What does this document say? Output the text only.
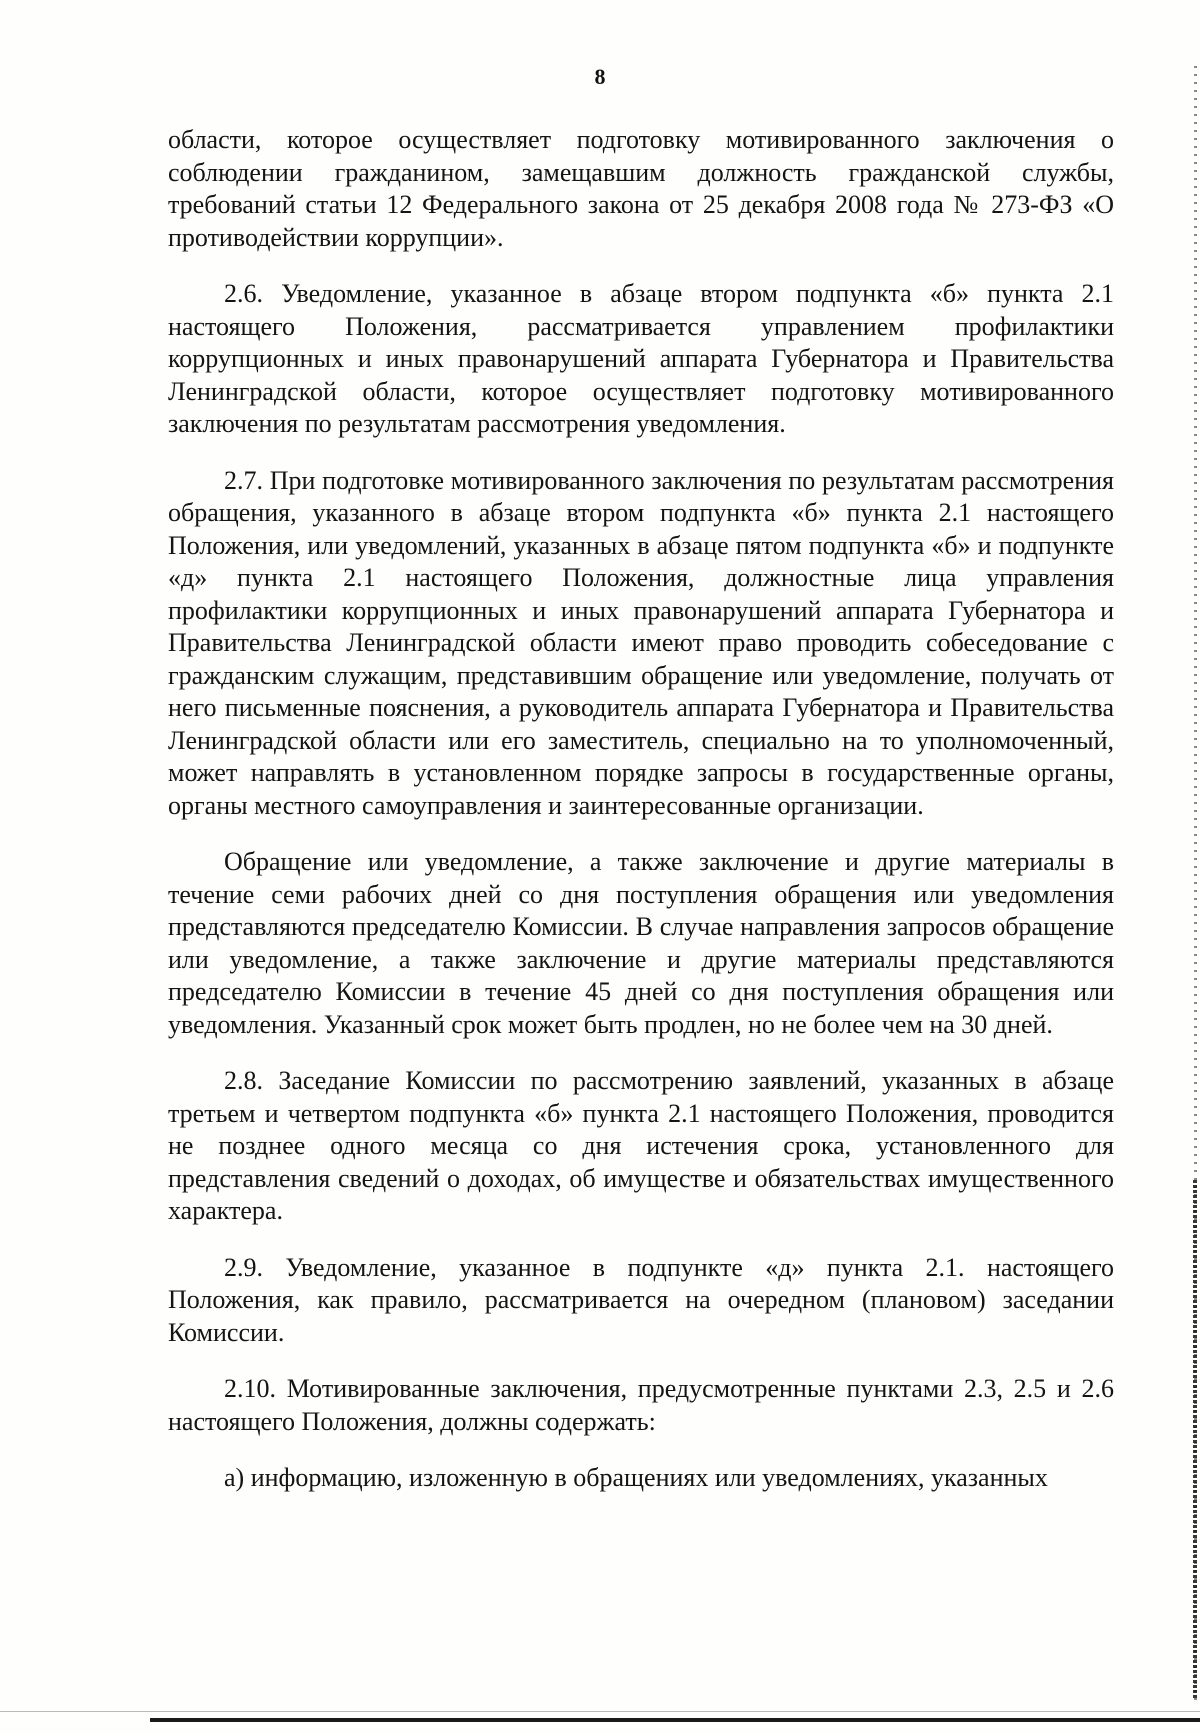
8

области, которое осуществляет подготовку мотивированного заключения о соблюдении гражданином, замещавшим должность гражданской службы, требований статьи 12 Федерального закона от 25 декабря 2008 года № 273-ФЗ «О противодействии коррупции».

2.6. Уведомление, указанное в абзаце втором подпункта «б» пункта 2.1 настоящего Положения, рассматривается управлением профилактики коррупционных и иных правонарушений аппарата Губернатора и Правительства Ленинградской области, которое осуществляет подготовку мотивированного заключения по результатам рассмотрения уведомления.

2.7. При подготовке мотивированного заключения по результатам рассмотрения обращения, указанного в абзаце втором подпункта «б» пункта 2.1 настоящего Положения, или уведомлений, указанных в абзаце пятом подпункта «б» и подпункте «д» пункта 2.1 настоящего Положения, должностные лица управления профилактики коррупционных и иных правонарушений аппарата Губернатора и Правительства Ленинградской области имеют право проводить собеседование с гражданским служащим, представившим обращение или уведомление, получать от него письменные пояснения, а руководитель аппарата Губернатора и Правительства Ленинградской области или его заместитель, специально на то уполномоченный, может направлять в установленном порядке запросы в государственные органы, органы местного самоуправления и заинтересованные организации.

Обращение или уведомление, а также заключение и другие материалы в течение семи рабочих дней со дня поступления обращения или уведомления представляются председателю Комиссии. В случае направления запросов обращение или уведомление, а также заключение и другие материалы представляются председателю Комиссии в течение 45 дней со дня поступления обращения или уведомления. Указанный срок может быть продлен, но не более чем на 30 дней.

2.8. Заседание Комиссии по рассмотрению заявлений, указанных в абзаце третьем и четвертом подпункта «б» пункта 2.1 настоящего Положения, проводится не позднее одного месяца со дня истечения срока, установленного для представления сведений о доходах, об имуществе и обязательствах имущественного характера.

2.9. Уведомление, указанное в подпункте «д» пункта 2.1. настоящего Положения, как правило, рассматривается на очередном (плановом) заседании Комиссии.

2.10. Мотивированные заключения, предусмотренные пунктами 2.3, 2.5 и 2.6 настоящего Положения, должны содержать:

а) информацию, изложенную в обращениях или уведомлениях, указанных
